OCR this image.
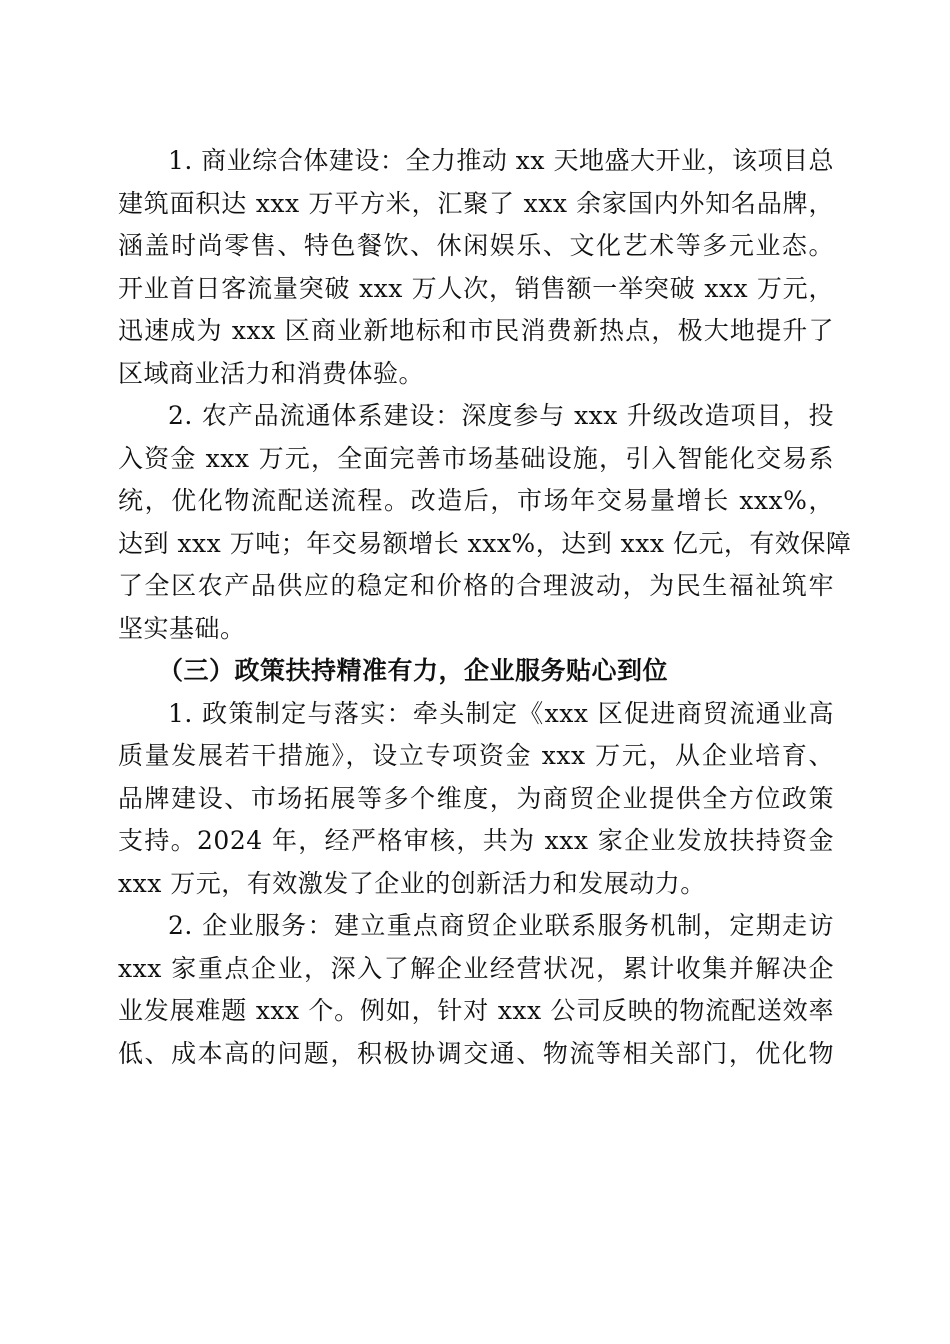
1. 商业综合体建设：全力推动 xx 天地盛大开业，该项目总
建筑面积达 xxx 万平方米，汇聚了 xxx 余家国内外知名品牌，
涵盖时尚零售、特色餐饮、休闲娱乐、文化艺术等多元业态。
开业首日客流量突破 xxx 万人次，销售额一举突破 xxx 万元，
迅速成为 xxx 区商业新地标和市民消费新热点，极大地提升了
区域商业活力和消费体验。
2. 农产品流通体系建设：深度参与 xxx 升级改造项目，投
入资金 xxx 万元，全面完善市场基础设施，引入智能化交易系
统，优化物流配送流程。改造后，市场年交易量增长 xxx%，
达到 xxx 万吨；年交易额增长 xxx%，达到 xxx 亿元，有效保障
了全区农产品供应的稳定和价格的合理波动，为民生福祉筑牢
坚实基础。
（三）政策扶持精准有力，企业服务贴心到位
1. 政策制定与落实：牵头制定《xxx 区促进商贸流通业高
质量发展若干措施》，设立专项资金 xxx 万元，从企业培育、
品牌建设、市场拓展等多个维度，为商贸企业提供全方位政策
支持。2024 年，经严格审核，共为 xxx 家企业发放扶持资金
xxx 万元，有效激发了企业的创新活力和发展动力。
2. 企业服务：建立重点商贸企业联系服务机制，定期走访
xxx 家重点企业，深入了解企业经营状况，累计收集并解决企
业发展难题 xxx 个。例如，针对 xxx 公司反映的物流配送效率
低、成本高的问题，积极协调交通、物流等相关部门，优化物
